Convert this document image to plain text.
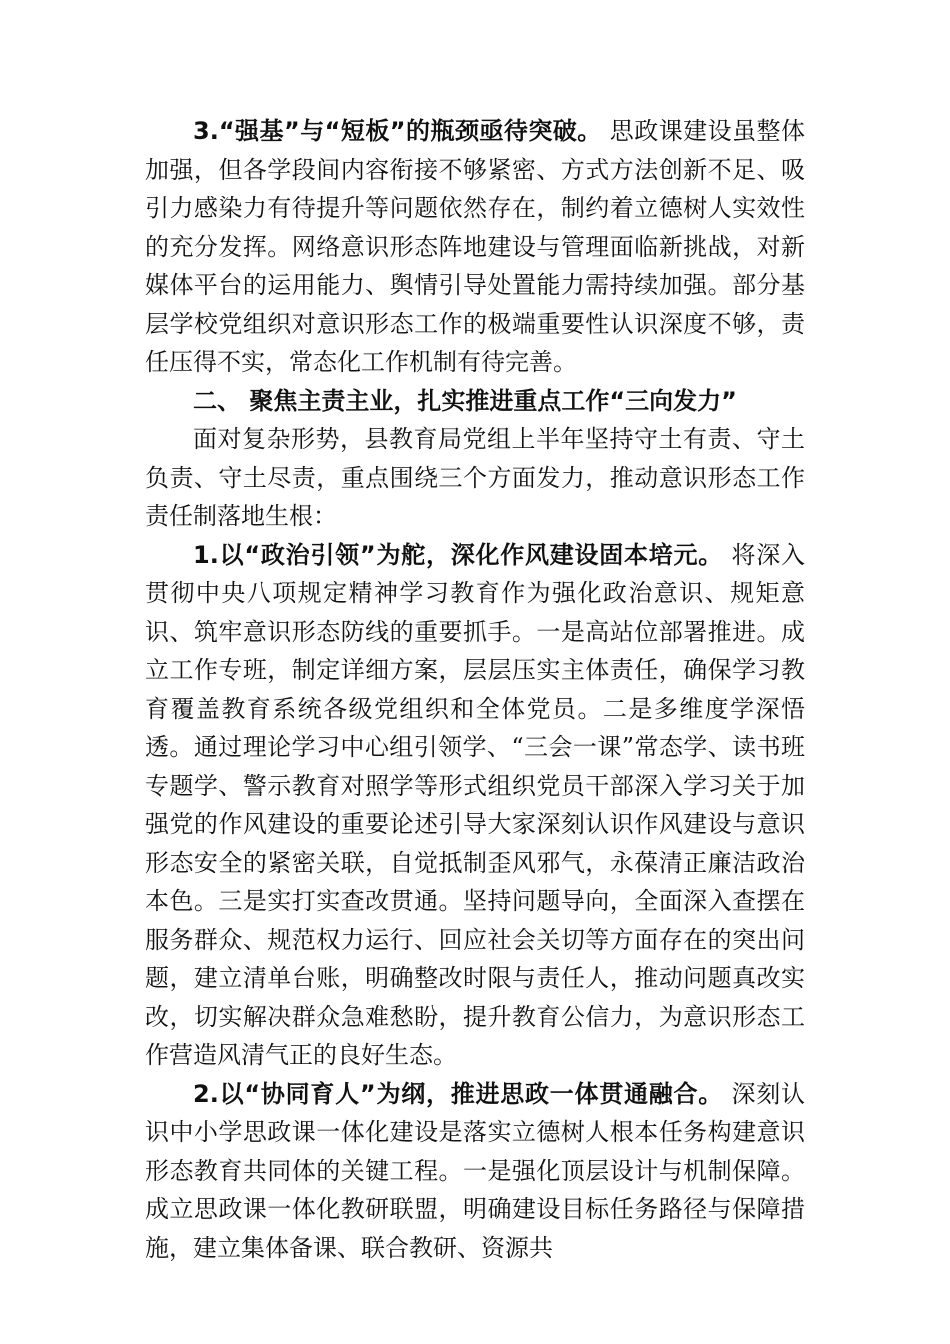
3.“强基”与“短板”的瓶颈亟待突破。 思政课建设虽整体加强，但各学段间内容衔接不够紧密、方式方法创新不足、吸引力感染力有待提升等问题依然存在，制约着立德树人实效性的充分发挥。网络意识形态阵地建设与管理面临新挑战，对新媒体平台的运用能力、舆情引导处置能力需持续加强。部分基层学校党组织对意识形态工作的极端重要性认识深度不够，责任压得不实，常态化工作机制有待完善。

二、 聚焦主责主业，扎实推进重点工作“三向发力”

面对复杂形势，县教育局党组上半年坚持守土有责、守土负责、守土尽责，重点围绕三个方面发力，推动意识形态工作责任制落地生根：

1.以“政治引领”为舵，深化作风建设固本培元。 将深入贯彻中央八项规定精神学习教育作为强化政治意识、规矩意识、筑牢意识形态防线的重要抓手。一是高站位部署推进。成立工作专班，制定详细方案，层层压实主体责任，确保学习教育覆盖教育系统各级党组织和全体党员。二是多维度学深悟透。通过理论学习中心组引领学、“三会一课”常态学、读书班专题学、警示教育对照学等形式组织党员干部深入学习关于加强党的作风建设的重要论述引导大家深刻认识作风建设与意识形态安全的紧密关联，自觉抵制歪风邪气，永葆清正廉洁政治本色。三是实打实查改贯通。坚持问题导向，全面深入查摆在服务群众、规范权力运行、回应社会关切等方面存在的突出问题，建立清单台账，明确整改时限与责任人，推动问题真改实改，切实解决群众急难愁盼，提升教育公信力，为意识形态工作营造风清气正的良好生态。

2.以“协同育人”为纲，推进思政一体贯通融合。 深刻认识中小学思政课一体化建设是落实立德树人根本任务构建意识形态教育共同体的关键工程。一是强化顶层设计与机制保障。成立思政课一体化教研联盟，明确建设目标任务路径与保障措施，建立集体备课、联合教研、资源共
